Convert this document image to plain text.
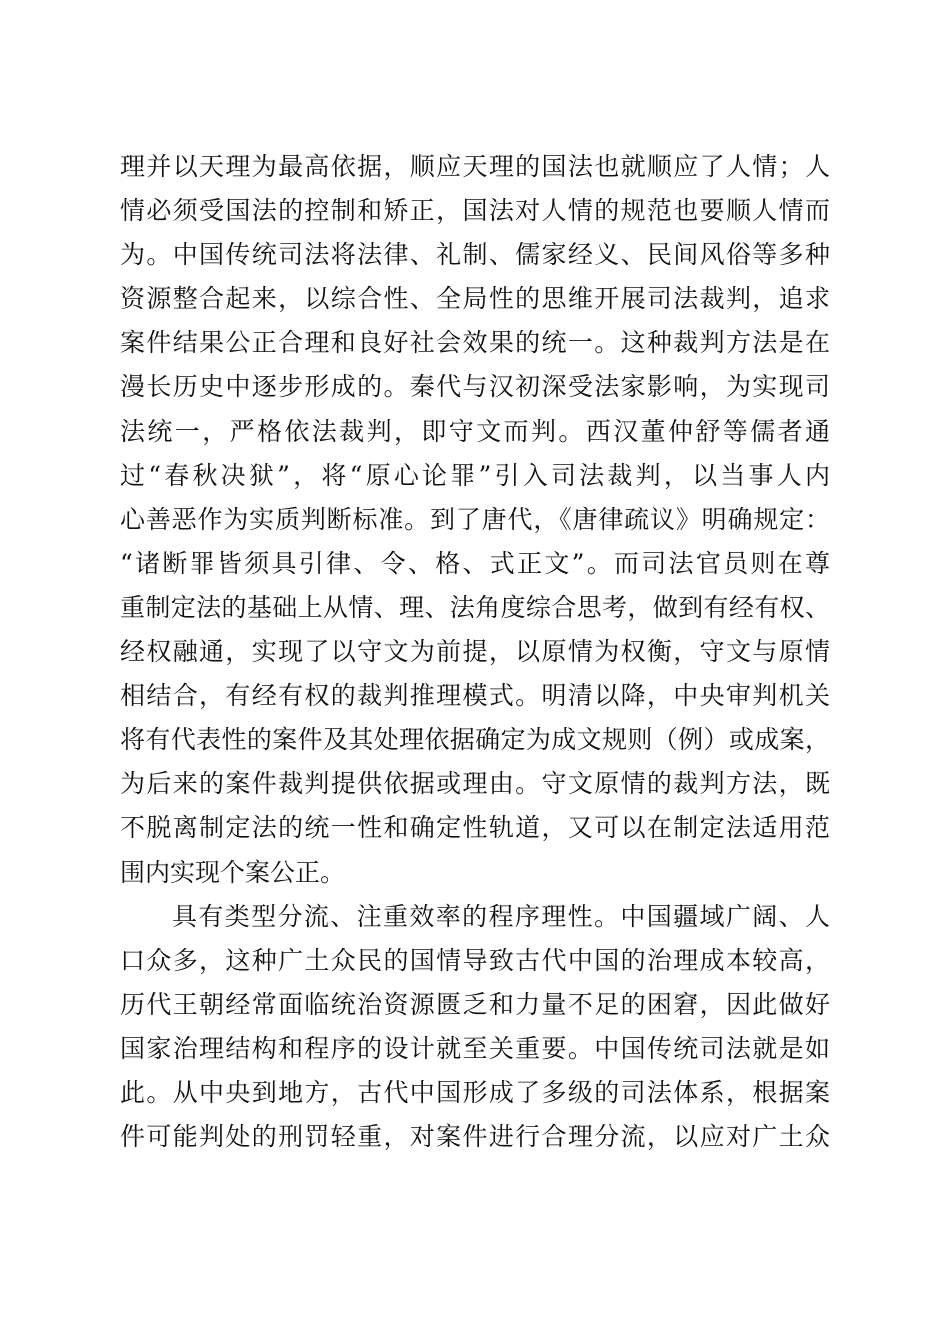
理并以天理为最高依据，顺应天理的国法也就顺应了人情；人
情必须受国法的控制和矫正，国法对人情的规范也要顺人情而
为。中国传统司法将法律、礼制、儒家经义、民间风俗等多种
资源整合起来，以综合性、全局性的思维开展司法裁判，追求
案件结果公正合理和良好社会效果的统一。这种裁判方法是在
漫长历史中逐步形成的。秦代与汉初深受法家影响，为实现司
法统一，严格依法裁判，即守文而判。西汉董仲舒等儒者通
过“春秋决狱”，将“原心论罪”引入司法裁判，以当事人内
心善恶作为实质判断标准。到了唐代，《唐律疏议》明确规定：
“诸断罪皆须具引律、令、格、式正文”。而司法官员则在尊
重制定法的基础上从情、理、法角度综合思考，做到有经有权、
经权融通，实现了以守文为前提，以原情为权衡，守文与原情
相结合，有经有权的裁判推理模式。明清以降，中央审判机关
将有代表性的案件及其处理依据确定为成文规则（例）或成案，
为后来的案件裁判提供依据或理由。守文原情的裁判方法，既
不脱离制定法的统一性和确定性轨道，又可以在制定法适用范
围内实现个案公正。
具有类型分流、注重效率的程序理性。中国疆域广阔、人
口众多，这种广土众民的国情导致古代中国的治理成本较高，
历代王朝经常面临统治资源匮乏和力量不足的困窘，因此做好
国家治理结构和程序的设计就至关重要。中国传统司法就是如
此。从中央到地方，古代中国形成了多级的司法体系，根据案
件可能判处的刑罚轻重，对案件进行合理分流，以应对广土众
